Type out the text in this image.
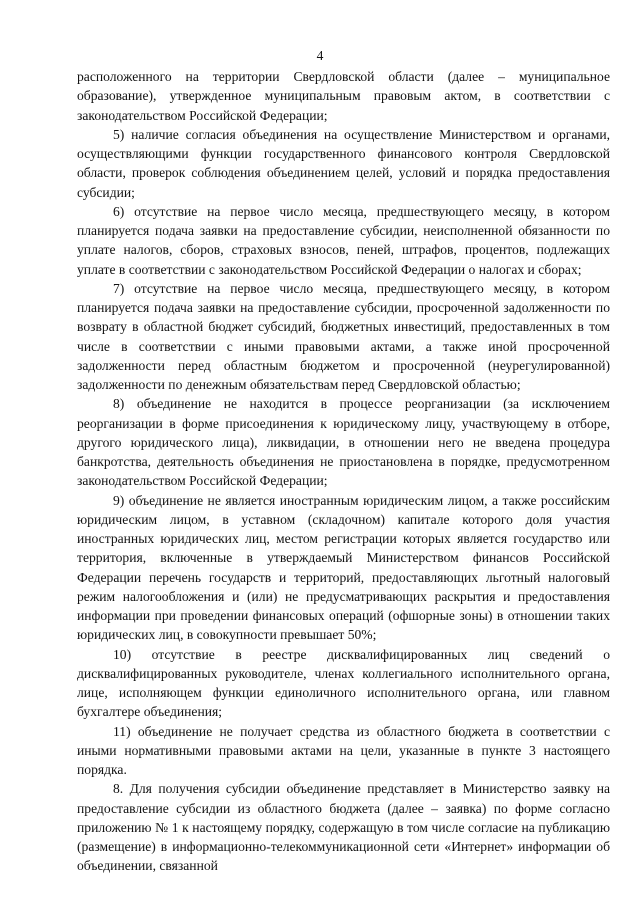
4

расположенного на территории Свердловской области (далее – муниципальное образование), утвержденное муниципальным правовым актом, в соответствии с законодательством Российской Федерации;

5) наличие согласия объединения на осуществление Министерством и органами, осуществляющими функции государственного финансового контроля Свердловской области, проверок соблюдения объединением целей, условий и порядка предоставления субсидии;

6) отсутствие на первое число месяца, предшествующего месяцу, в котором планируется подача заявки на предоставление субсидии, неисполненной обязанности по уплате налогов, сборов, страховых взносов, пеней, штрафов, процентов, подлежащих уплате в соответствии с законодательством Российской Федерации о налогах и сборах;

7) отсутствие на первое число месяца, предшествующего месяцу, в котором планируется подача заявки на предоставление субсидии, просроченной задолженности по возврату в областной бюджет субсидий, бюджетных инвестиций, предоставленных в том числе в соответствии с иными правовыми актами, а также иной просроченной задолженности перед областным бюджетом и просроченной (неурегулированной) задолженности по денежным обязательствам перед Свердловской областью;

8) объединение не находится в процессе реорганизации (за исключением реорганизации в форме присоединения к юридическому лицу, участвующему в отборе, другого юридического лица), ликвидации, в отношении него не введена процедура банкротства, деятельность объединения не приостановлена в порядке, предусмотренном законодательством Российской Федерации;

9) объединение не является иностранным юридическим лицом, а также российским юридическим лицом, в уставном (складочном) капитале которого доля участия иностранных юридических лиц, местом регистрации которых является государство или территория, включенные в утверждаемый Министерством финансов Российской Федерации перечень государств и территорий, предоставляющих льготный налоговый режим налогообложения и (или) не предусматривающих раскрытия и предоставления информации при проведении финансовых операций (офшорные зоны) в отношении таких юридических лиц, в совокупности превышает 50%;

10) отсутствие в реестре дисквалифицированных лиц сведений о дисквалифицированных руководителе, членах коллегиального исполнительного органа, лице, исполняющем функции единоличного исполнительного органа, или главном бухгалтере объединения;

11) объединение не получает средства из областного бюджета в соответствии с иными нормативными правовыми актами на цели, указанные в пункте 3 настоящего порядка.

8. Для получения субсидии объединение представляет в Министерство заявку на предоставление субсидии из областного бюджета (далее – заявка) по форме согласно приложению № 1 к настоящему порядку, содержащую в том числе согласие на публикацию (размещение) в информационно-телекоммуникационной сети «Интернет» информации об объединении, связанной
